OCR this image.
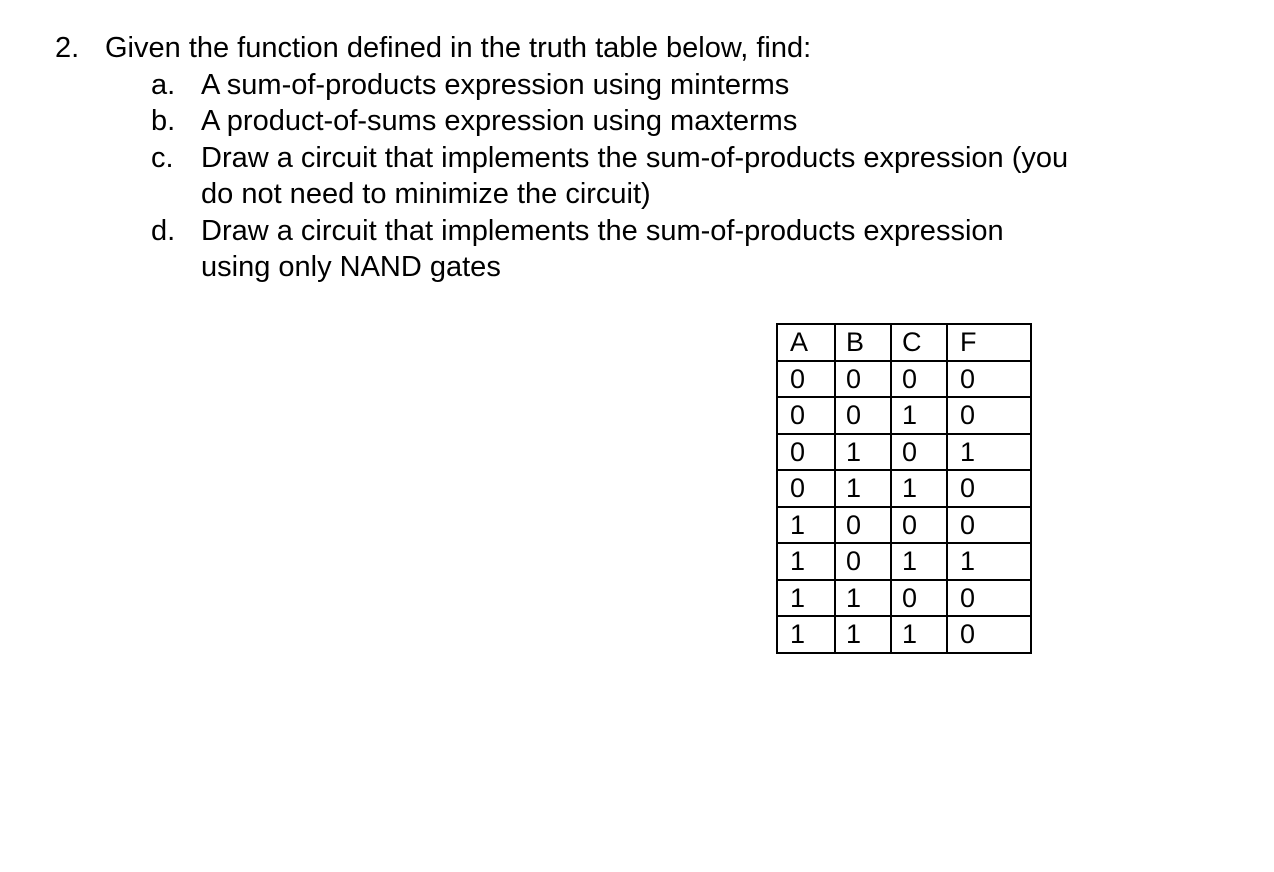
2. Given the function defined in the truth table below, find:
a. A sum-of-products expression using minterms
b. A product-of-sums expression using maxterms
c. Draw a circuit that implements the sum-of-products expression (you
do not need to minimize the circuit)
d. Draw a circuit that implements the sum-of-products expression
using only NAND gates
A	B	C	F
0	0	0	0
0	0	1	0
0	1	0	1
0	1	1	0
1	0	0	0
1	0	1	1
1	1	0	0
1	1	1	0
